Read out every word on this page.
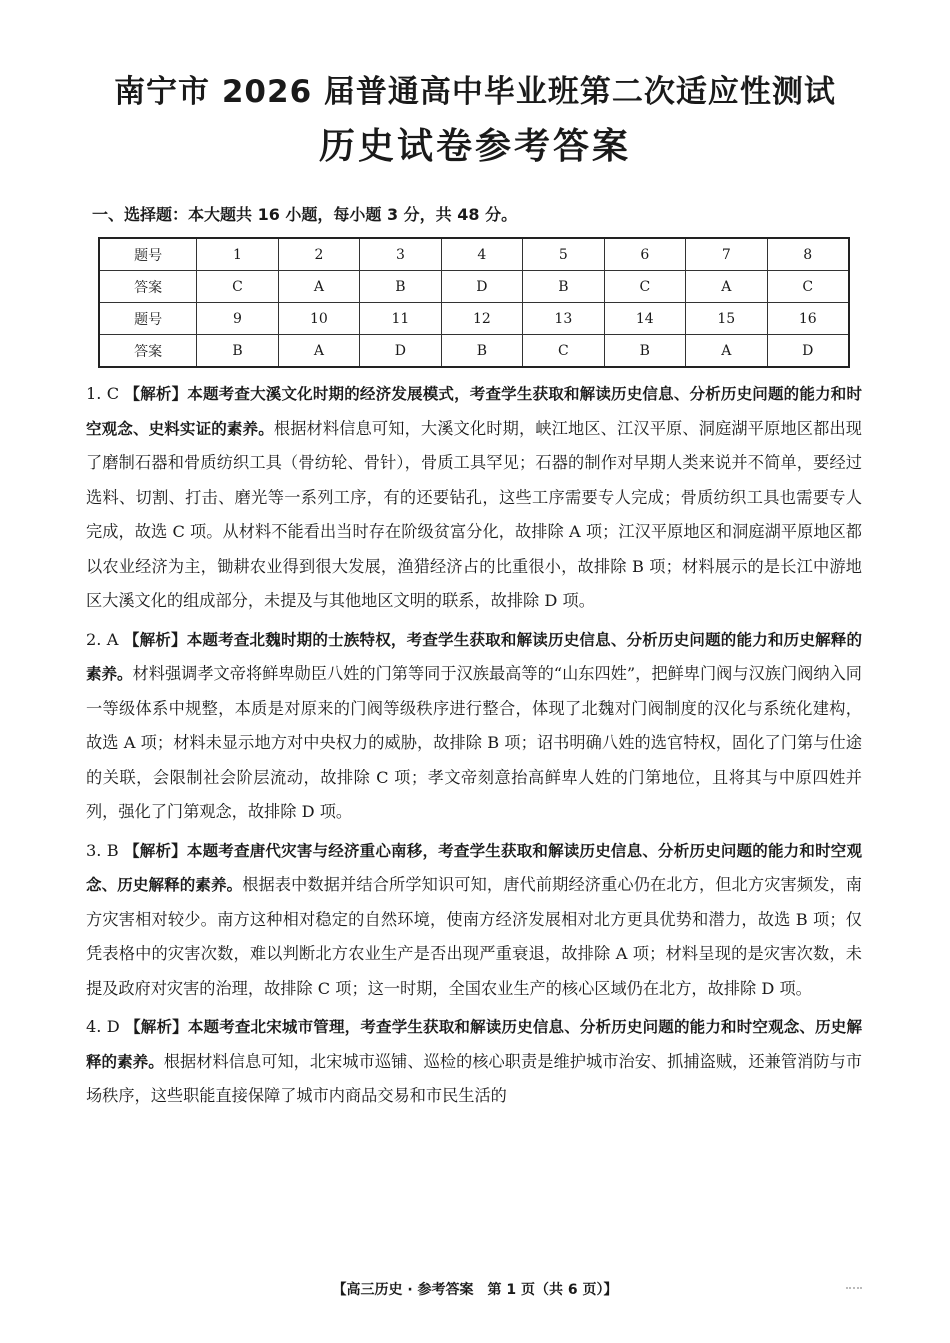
南宁市 2026 届普通高中毕业班第二次适应性测试
历史试卷参考答案
一、选择题：本大题共 16 小题，每小题 3 分，共 48 分。
题号	1	2	3	4	5	6	7	8
答案	C	A	B	D	B	C	A	C
题号	9	10	11	12	13	14	15	16
答案	B	A	D	B	C	B	A	D
1. C 【解析】本题考查大溪文化时期的经济发展模式，考查学生获取和解读历史信息、分析历史问题的能力和时空观念、史料实证的素养。根据材料信息可知，大溪文化时期，峡江地区、江汉平原、洞庭湖平原地区都出现了磨制石器和骨质纺织工具（骨纺轮、骨针），骨质工具罕见；石器的制作对早期人类来说并不简单，要经过选料、切割、打击、磨光等一系列工序，有的还要钻孔，这些工序需要专人完成；骨质纺织工具也需要专人完成，故选 C 项。从材料不能看出当时存在阶级贫富分化，故排除 A 项；江汉平原地区和洞庭湖平原地区都以农业经济为主，锄耕农业得到很大发展，渔猎经济占的比重很小，故排除 B 项；材料展示的是长江中游地区大溪文化的组成部分，未提及与其他地区文明的联系，故排除 D 项。
2. A 【解析】本题考查北魏时期的士族特权，考查学生获取和解读历史信息、分析历史问题的能力和历史解释的素养。材料强调孝文帝将鲜卑勋臣八姓的门第等同于汉族最高等的“山东四姓”，把鲜卑门阀与汉族门阀纳入同一等级体系中规整，本质是对原来的门阀等级秩序进行整合，体现了北魏对门阀制度的汉化与系统化建构，故选 A 项；材料未显示地方对中央权力的威胁，故排除 B 项；诏书明确八姓的选官特权，固化了门第与仕途的关联，会限制社会阶层流动，故排除 C 项；孝文帝刻意抬高鲜卑人姓的门第地位，且将其与中原四姓并列，强化了门第观念，故排除 D 项。
3. B 【解析】本题考查唐代灾害与经济重心南移，考查学生获取和解读历史信息、分析历史问题的能力和时空观念、历史解释的素养。根据表中数据并结合所学知识可知，唐代前期经济重心仍在北方，但北方灾害频发，南方灾害相对较少。南方这种相对稳定的自然环境，使南方经济发展相对北方更具优势和潜力，故选 B 项；仅凭表格中的灾害次数，难以判断北方农业生产是否出现严重衰退，故排除 A 项；材料呈现的是灾害次数，未提及政府对灾害的治理，故排除 C 项；这一时期，全国农业生产的核心区域仍在北方，故排除 D 项。
4. D 【解析】本题考查北宋城市管理，考查学生获取和解读历史信息、分析历史问题的能力和时空观念、历史解释的素养。根据材料信息可知，北宋城市巡铺、巡检的核心职责是维护城市治安、抓捕盗贼，还兼管消防与市场秩序，这些职能直接保障了城市内商品交易和市民生活的
【高三历史 · 参考答案　第 1 页（共 6 页）】
